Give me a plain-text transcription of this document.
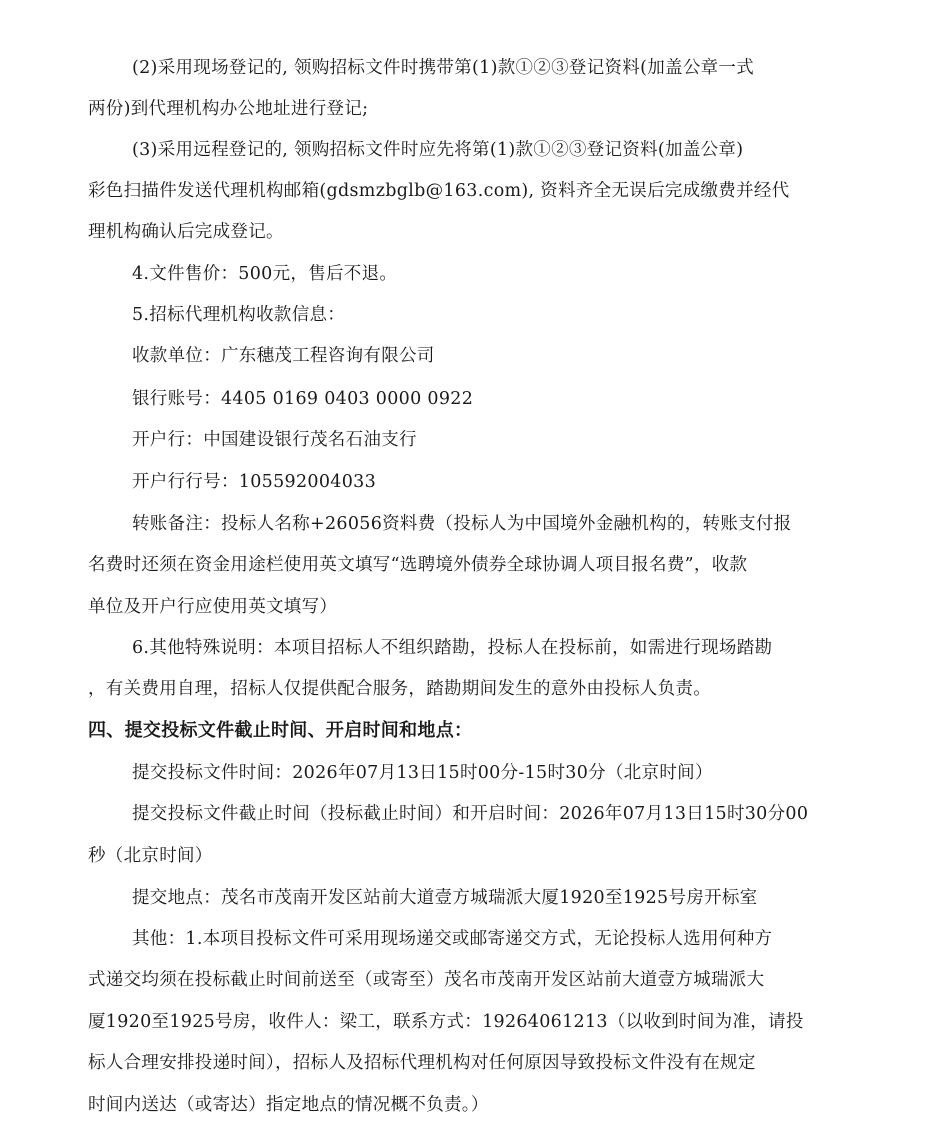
(2)采用现场登记的, 领购招标文件时携带第(1)款①②③登记资料(加盖公章一式
两份)到代理机构办公地址进行登记;
(3)采用远程登记的, 领购招标文件时应先将第(1)款①②③登记资料(加盖公章)
彩色扫描件发送代理机构邮箱(gdsmzbglb@163.com), 资料齐全无误后完成缴费并经代
理机构确认后完成登记。
4.文件售价：500元，售后不退。
5.招标代理机构收款信息：
收款单位：广东穗茂工程咨询有限公司
银行账号：4405 0169 0403 0000 0922
开户行：中国建设银行茂名石油支行
开户行行号：105592004033
转账备注：投标人名称+26056资料费（投标人为中国境外金融机构的，转账支付报
名费时还须在资金用途栏使用英文填写“选聘境外债券全球协调人项目报名费”，收款
单位及开户行应使用英文填写）
6.其他特殊说明：本项目招标人不组织踏勘，投标人在投标前，如需进行现场踏勘
，有关费用自理，招标人仅提供配合服务，踏勘期间发生的意外由投标人负责。
四、提交投标文件截止时间、开启时间和地点：
提交投标文件时间：2026年07月13日15时00分-15时30分（北京时间）
提交投标文件截止时间（投标截止时间）和开启时间：2026年07月13日15时30分00
秒（北京时间）
提交地点：茂名市茂南开发区站前大道壹方城瑞派大厦1920至1925号房开标室
其他：1.本项目投标文件可采用现场递交或邮寄递交方式，无论投标人选用何种方
式递交均须在投标截止时间前送至（或寄至）茂名市茂南开发区站前大道壹方城瑞派大
厦1920至1925号房，收件人：梁工，联系方式：19264061213（以收到时间为准，请投
标人合理安排投递时间），招标人及招标代理机构对任何原因导致投标文件没有在规定
时间内送达（或寄达）指定地点的情况概不负责。）
